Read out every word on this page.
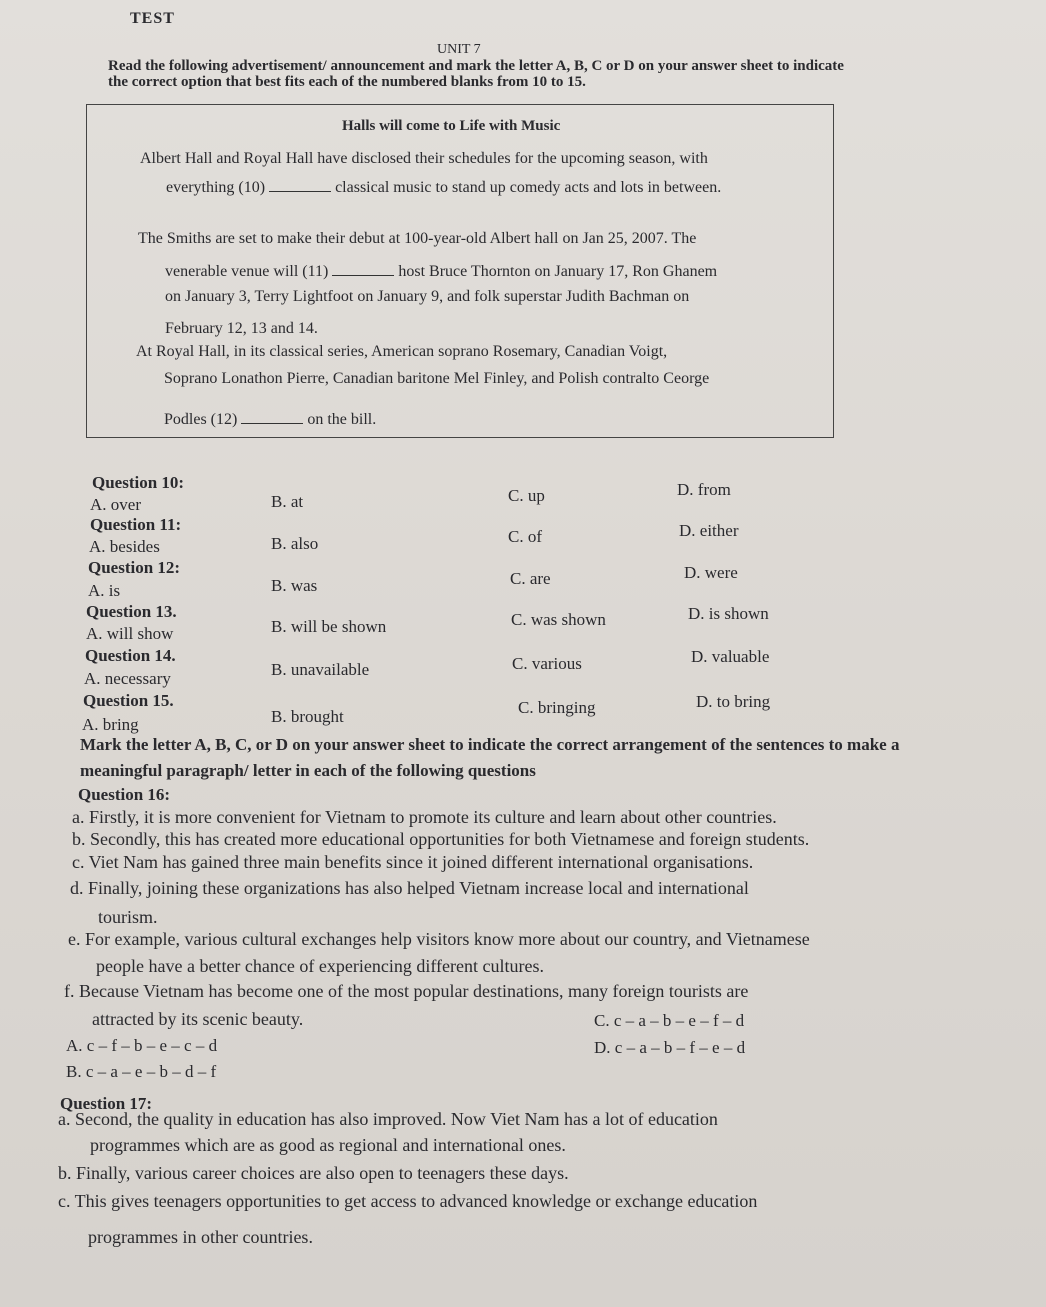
TEST
UNIT 7
Read the following advertisement/ announcement and mark the letter A, B, C or D on your answer sheet to indicate the correct option that best fits each of the numbered blanks from 10 to 15.
Halls will come to Life with Music
Albert Hall and Royal Hall have disclosed their schedules for the upcoming season, with
everything (10)	classical music to stand up comedy acts and lots in between.
The Smiths are set to make their debut at 100-year-old Albert hall on Jan 25, 2007. The
venerable venue will (11)	host Bruce Thornton on January 17, Ron Ghanem
on January 3, Terry Lightfoot on January 9, and folk superstar Judith Bachman on
February 12, 13 and 14.
At Royal Hall, in its classical series, American soprano Rosemary, Canadian Voigt,
Soprano Lonathon Pierre, Canadian baritone Mel Finley, and Polish contralto Ceorge
Podles (12)	on the bill.
Question 10:
A. over	B. at	C. up	D. from
Question 11:
A. besides	B. also	C. of	D. either
Question 12:
A. is	B. was	C. are	D. were
Question 13.
A. will show	B. will be shown	C. was shown	D. is shown
Question 14.
A. necessary	B. unavailable	C. various	D. valuable
Question 15.
A. bring	B. brought	C. bringing	D. to bring
Mark the letter A, B, C, or D on your answer sheet to indicate the correct arrangement of the sentences to make a meaningful paragraph/ letter in each of the following questions
Question 16:
a. Firstly, it is more convenient for Vietnam to promote its culture and learn about other countries.
b. Secondly, this has created more educational opportunities for both Vietnamese and foreign students.
c. Viet Nam has gained three main benefits since it joined different international organisations.
d. Finally, joining these organizations has also helped Vietnam increase local and international
tourism.
e. For example, various cultural exchanges help visitors know more about our country, and Vietnamese
people have a better chance of experiencing different cultures.
f. Because Vietnam has become one of the most popular destinations, many foreign tourists are
attracted by its scenic beauty.
A. c – f – b – e – c – d
B. c – a – e – b – d – f
C. c – a – b – e – f – d
D. c – a – b – f – e – d
Question 17:
a. Second, the quality in education has also improved. Now Viet Nam has a lot of education
programmes which are as good as regional and international ones.
b. Finally, various career choices are also open to teenagers these days.
c. This gives teenagers opportunities to get access to advanced knowledge or exchange education
programmes in other countries.
